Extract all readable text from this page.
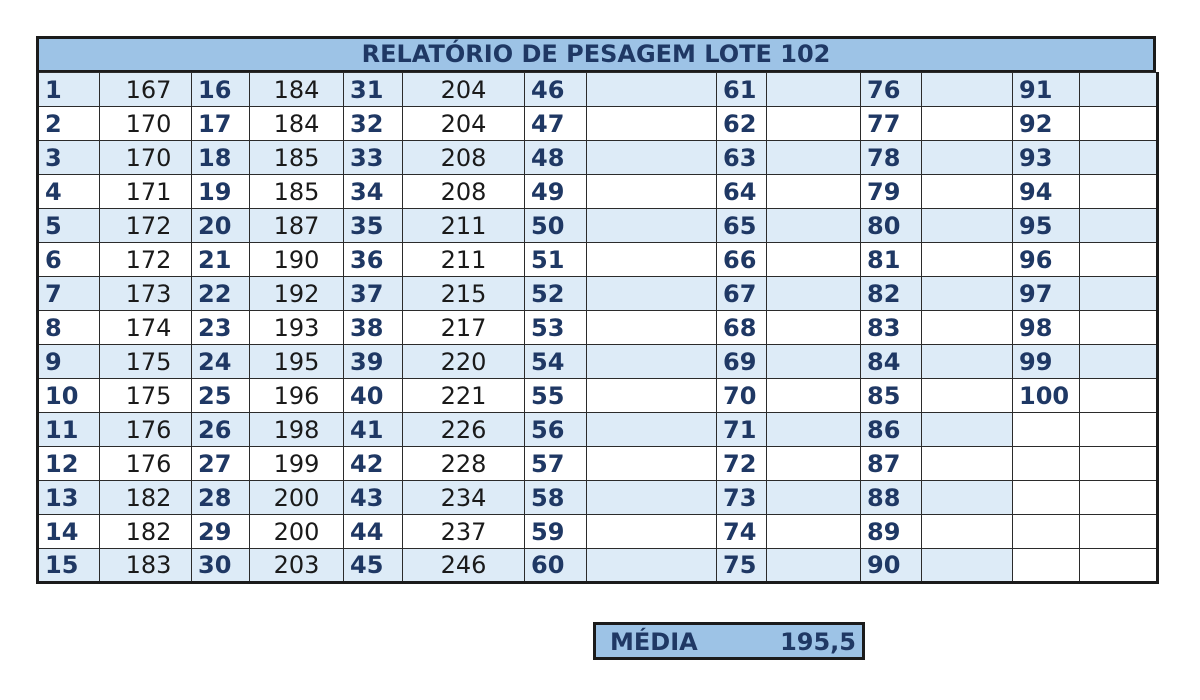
RELATÓRIO DE PESAGEM LOTE 102
1	167	16	184	31	204	46		61		76		91	
2	170	17	184	32	204	47		62		77		92	
3	170	18	185	33	208	48		63		78		93	
4	171	19	185	34	208	49		64		79		94	
5	172	20	187	35	211	50		65		80		95	
6	172	21	190	36	211	51		66		81		96	
7	173	22	192	37	215	52		67		82		97	
8	174	23	193	38	217	53		68		83		98	
9	175	24	195	39	220	54		69		84		99	
10	175	25	196	40	221	55		70		85		100	
11	176	26	198	41	226	56		71		86			
12	176	27	199	42	228	57		72		87			
13	182	28	200	43	234	58		73		88			
14	182	29	200	44	237	59		74		89			
15	183	30	203	45	246	60		75		90			
MÉDIA	195,5
